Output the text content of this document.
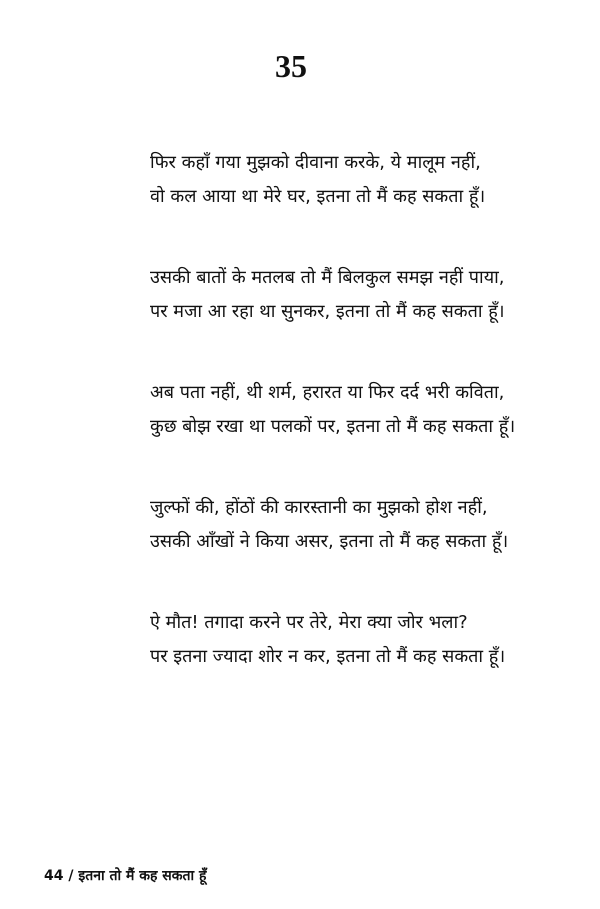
35
फिर कहाँ गया मुझको दीवाना करके, ये मालूम नहीं,
वो कल आया था मेरे घर, इतना तो मैं कह सकता हूँ।
उसकी बातों के मतलब तो मैं बिलकुल समझ नहीं पाया,
पर मजा आ रहा था सुनकर, इतना तो मैं कह सकता हूँ।
अब पता नहीं, थी शर्म, हरारत या फिर दर्द भरी कविता,
कुछ बोझ रखा था पलकों पर, इतना तो मैं कह सकता हूँ।
जुल्फों की, होंठों की कारस्तानी का मुझको होश नहीं,
उसकी आँखों ने किया असर, इतना तो मैं कह सकता हूँ।
ऐ मौत! तगादा करने पर तेरे, मेरा क्या जोर भला?
पर इतना ज्यादा शोर न कर, इतना तो मैं कह सकता हूँ।
44 / इतना तो मैं कह सकता हूँ
